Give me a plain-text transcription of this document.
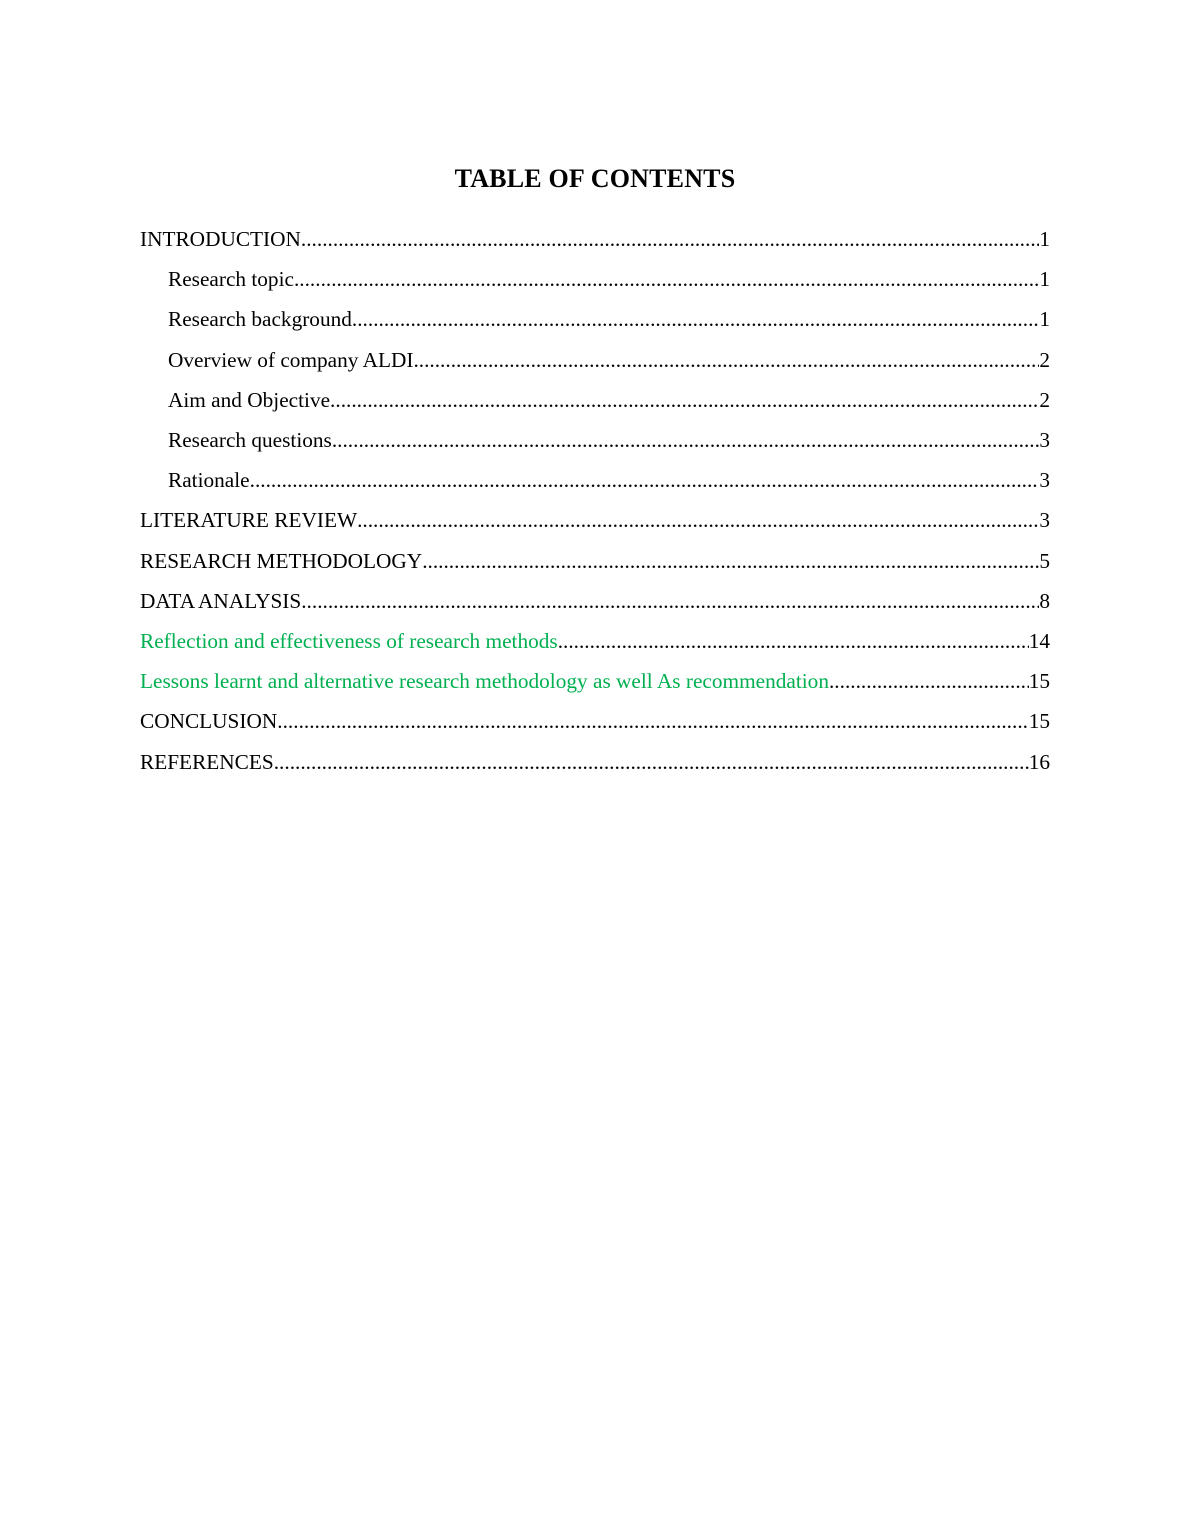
TABLE OF CONTENTS
INTRODUCTION .....	1
Research topic .....	1
Research background .....	1
Overview of company ALDI .....	2
Aim and Objective .....	2
Research questions .....	3
Rationale .....	3
LITERATURE REVIEW .....	3
RESEARCH METHODOLOGY .....	5
DATA ANALYSIS .....	8
Reflection and effectiveness of research methods .....	14
Lessons learnt and alternative research methodology as well As recommendation .....	15
CONCLUSION .....	15
REFERENCES .....	16
